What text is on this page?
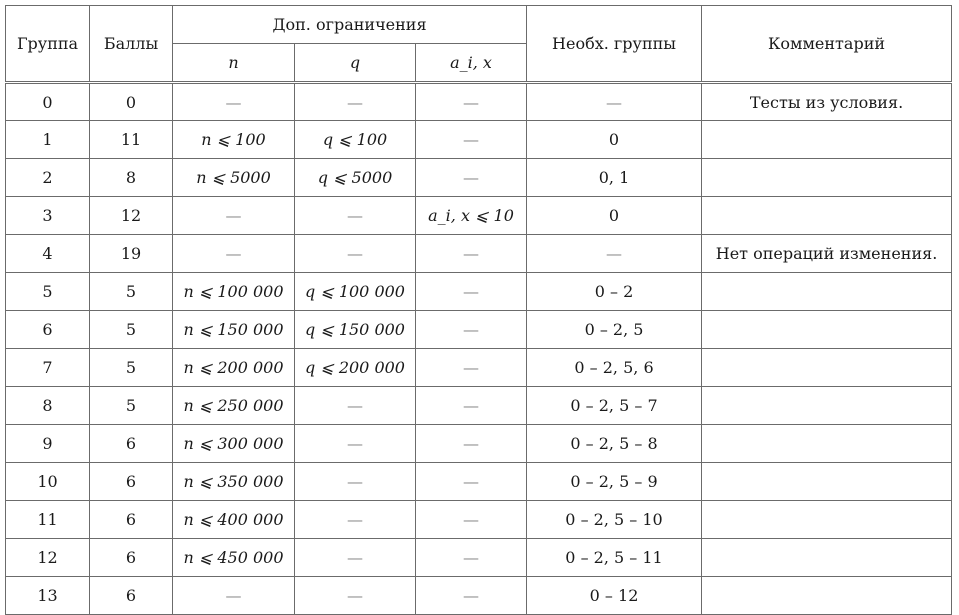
Группа	Баллы	Доп. ограничения			Необх. группы	Комментарий
		n	q	a_i, x		
0	0	—	—	—	—	Тесты из условия.
1	11	n ⩽ 100	q ⩽ 100	—	0	
2	8	n ⩽ 5000	q ⩽ 5000	—	0, 1	
3	12	—	—	a_i, x ⩽ 10	0	
4	19	—	—	—	—	Нет операций изменения.
5	5	n ⩽ 100 000	q ⩽ 100 000	—	0 – 2	
6	5	n ⩽ 150 000	q ⩽ 150 000	—	0 – 2, 5	
7	5	n ⩽ 200 000	q ⩽ 200 000	—	0 – 2, 5, 6	
8	5	n ⩽ 250 000	—	—	0 – 2, 5 – 7	
9	6	n ⩽ 300 000	—	—	0 – 2, 5 – 8	
10	6	n ⩽ 350 000	—	—	0 – 2, 5 – 9	
11	6	n ⩽ 400 000	—	—	0 – 2, 5 – 10	
12	6	n ⩽ 450 000	—	—	0 – 2, 5 – 11	
13	6	—	—	—	0 – 12	
